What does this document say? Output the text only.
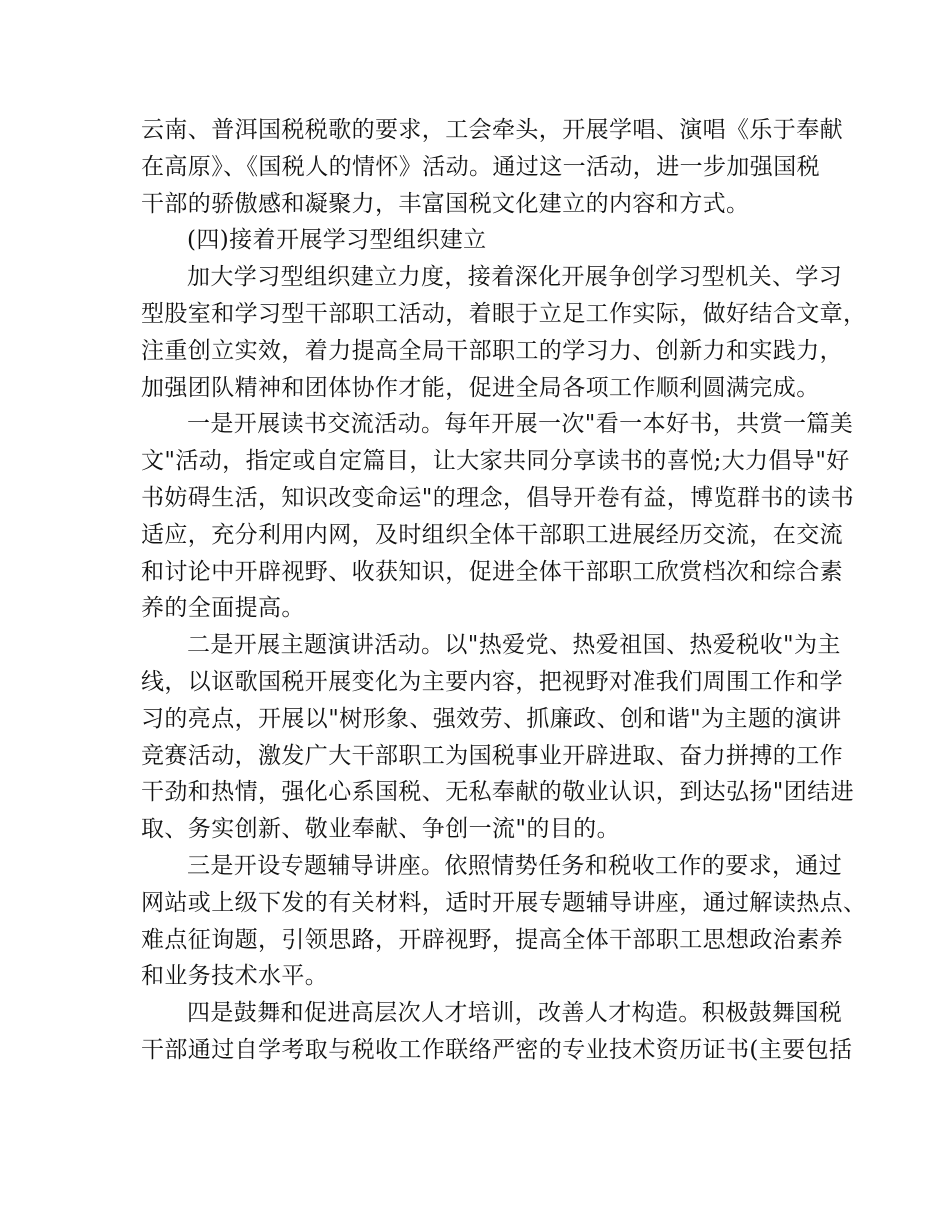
云南、普洱国税税歌的要求，工会牵头，开展学唱、演唱《乐于奉献
在高原》、《国税人的情怀》活动。通过这一活动，进一步加强国税
干部的骄傲感和凝聚力，丰富国税文化建立的内容和方式。
(四)接着开展学习型组织建立
加大学习型组织建立力度，接着深化开展争创学习型机关、学习
型股室和学习型干部职工活动，着眼于立足工作实际，做好结合文章，
注重创立实效，着力提高全局干部职工的学习力、创新力和实践力，
加强团队精神和团体协作才能，促进全局各项工作顺利圆满完成。
一是开展读书交流活动。每年开展一次"看一本好书，共赏一篇美
文"活动，指定或自定篇目，让大家共同分享读书的喜悦;大力倡导"好
书妨碍生活，知识改变命运"的理念，倡导开卷有益，博览群书的读书
适应，充分利用内网，及时组织全体干部职工进展经历交流，在交流
和讨论中开辟视野、收获知识，促进全体干部职工欣赏档次和综合素
养的全面提高。
二是开展主题演讲活动。以"热爱党、热爱祖国、热爱税收"为主
线，以讴歌国税开展变化为主要内容，把视野对准我们周围工作和学
习的亮点，开展以"树形象、强效劳、抓廉政、创和谐"为主题的演讲
竞赛活动，激发广大干部职工为国税事业开辟进取、奋力拼搏的工作
干劲和热情，强化心系国税、无私奉献的敬业认识，到达弘扬"团结进
取、务实创新、敬业奉献、争创一流"的目的。
三是开设专题辅导讲座。依照情势任务和税收工作的要求，通过
网站或上级下发的有关材料，适时开展专题辅导讲座，通过解读热点、
难点征询题，引领思路，开辟视野，提高全体干部职工思想政治素养
和业务技术水平。
四是鼓舞和促进高层次人才培训，改善人才构造。积极鼓舞国税
干部通过自学考取与税收工作联络严密的专业技术资历证书(主要包括
